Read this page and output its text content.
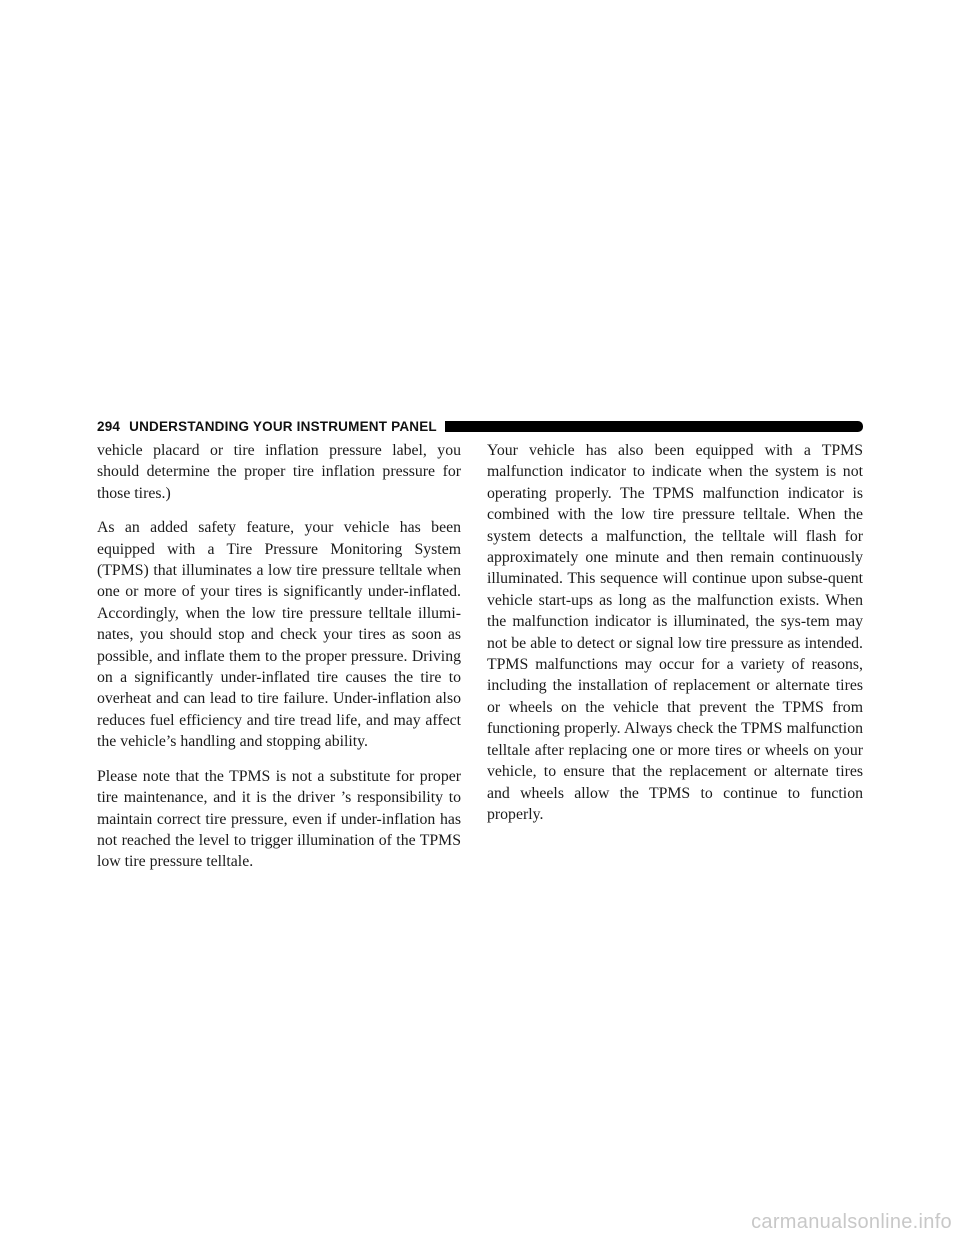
294 UNDERSTANDING YOUR INSTRUMENT PANEL

vehicle placard or tire inflation pressure label, you should determine the proper tire inflation pressure for those tires.)

As an added safety feature, your vehicle has been equipped with a Tire Pressure Monitoring System (TPMS) that illuminates a low tire pressure telltale when one or more of your tires is significantly under-inflated. Accordingly, when the low tire pressure telltale illumi-nates, you should stop and check your tires as soon as possible, and inflate them to the proper pressure. Driving on a significantly under-inflated tire causes the tire to overheat and can lead to tire failure. Under-inflation also reduces fuel efficiency and tire tread life, and may affect the vehicle’s handling and stopping ability.

Please note that the TPMS is not a substitute for proper tire maintenance, and it is the driver ’s responsibility to maintain correct tire pressure, even if under-inflation has not reached the level to trigger illumination of the TPMS low tire pressure telltale.

Your vehicle has also been equipped with a TPMS malfunction indicator to indicate when the system is not operating properly. The TPMS malfunction indicator is combined with the low tire pressure telltale. When the system detects a malfunction, the telltale will flash for approximately one minute and then remain continuously illuminated. This sequence will continue upon subse-quent vehicle start-ups as long as the malfunction exists. When the malfunction indicator is illuminated, the sys-tem may not be able to detect or signal low tire pressure as intended. TPMS malfunctions may occur for a variety of reasons, including the installation of replacement or alternate tires or wheels on the vehicle that prevent the TPMS from functioning properly. Always check the TPMS malfunction telltale after replacing one or more tires or wheels on your vehicle, to ensure that the replacement or alternate tires and wheels allow the TPMS to continue to function properly.

carmanualsonline.info
